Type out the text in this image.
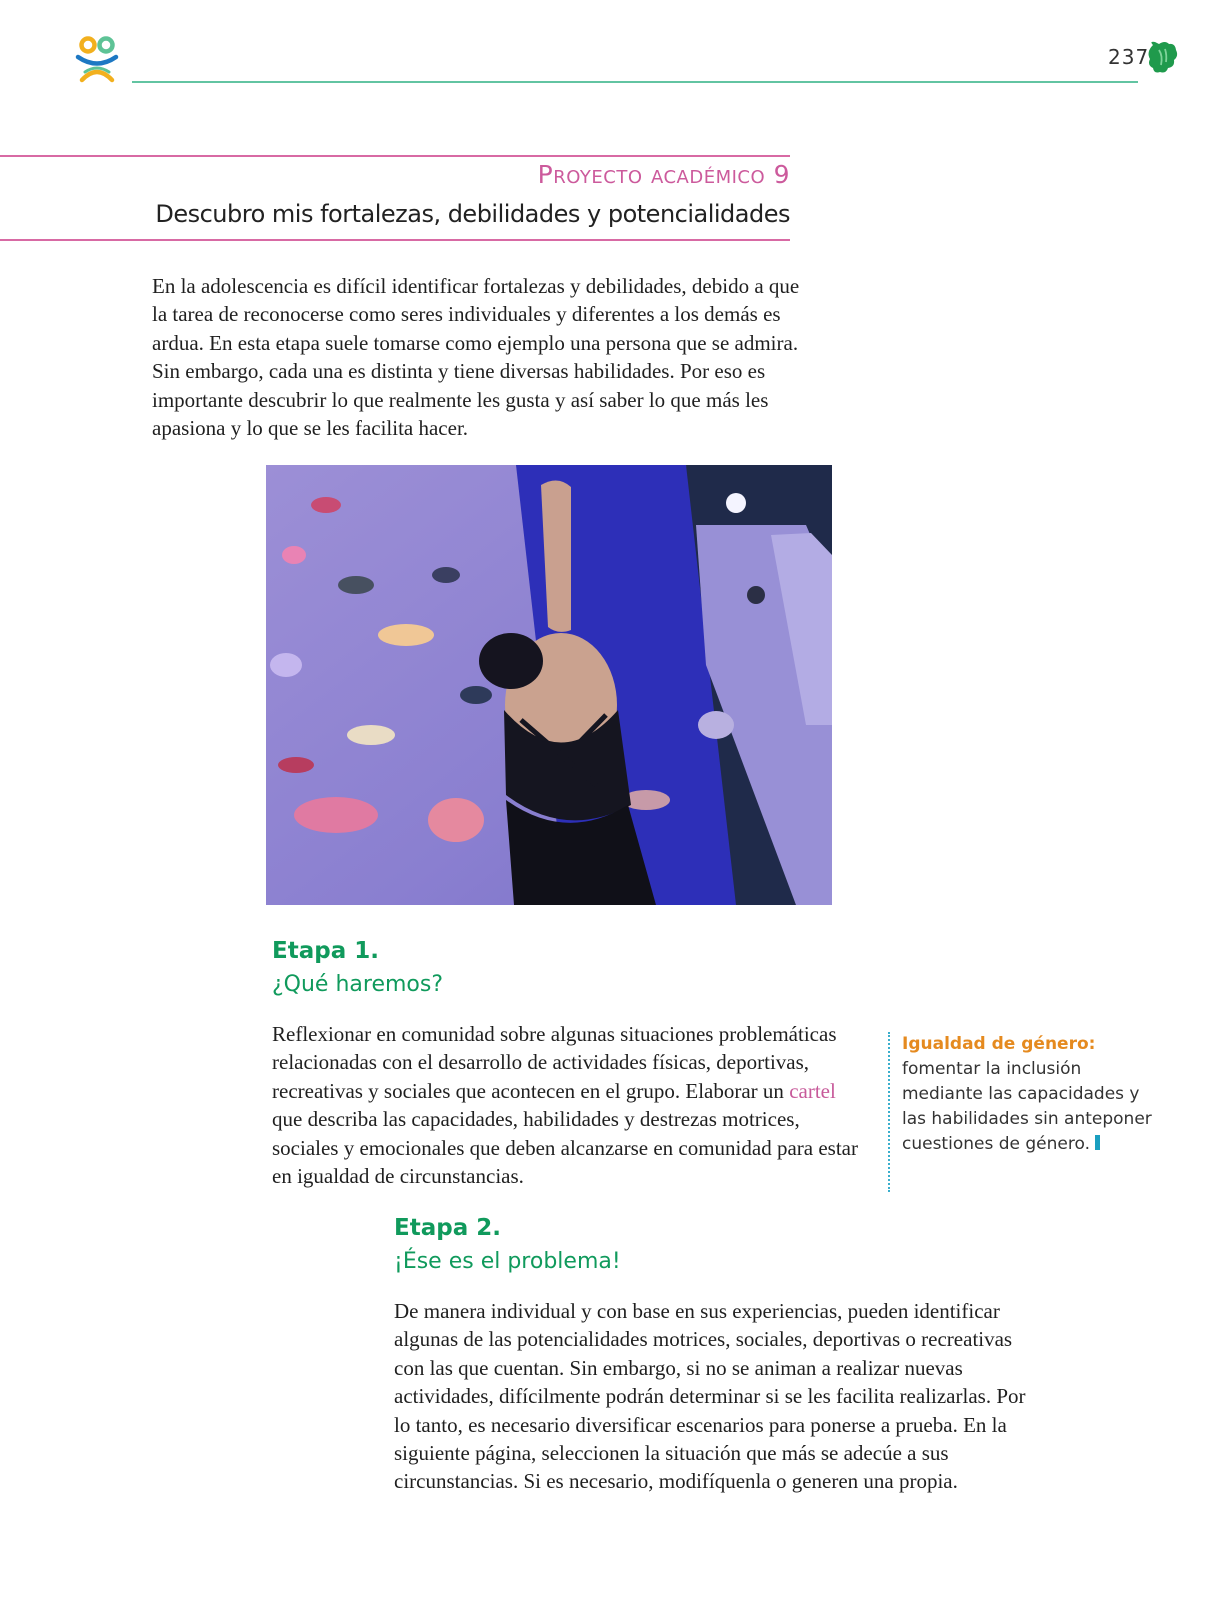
237
Proyecto académico 9
Descubro mis fortalezas, debilidades y potencialidades

En la adolescencia es difícil identificar fortalezas y debilidades, debido a que la tarea de reconocerse como seres individuales y diferentes a los demás es ardua. En esta etapa suele tomarse como ejemplo una persona que se admira. Sin embargo, cada una es distinta y tiene diversas habilidades. Por eso es importante descubrir lo que realmente les gusta y así saber lo que más les apasiona y lo que se les facilita hacer.

Etapa 1.
¿Qué haremos?

Reflexionar en comunidad sobre algunas situaciones problemáticas relacionadas con el desarrollo de actividades físicas, deportivas, recreativas y sociales que acontecen en el grupo. Elaborar un cartel que describa las capacidades, habilidades y destrezas motrices, sociales y emocionales que deben alcanzarse en comunidad para estar en igualdad de circunstancias.

Igualdad de género:
fomentar la inclusión mediante las capacidades y las habilidades sin anteponer cuestiones de género.
Etapa 2.
¡Ése es el problema!

De manera individual y con base en sus experiencias, pueden identificar algunas de las potencialidades motrices, sociales, deportivas o recreativas con las que cuentan. Sin embargo, si no se animan a realizar nuevas actividades, difícilmente podrán determinar si se les facilita realizarlas. Por lo tanto, es necesario diversificar escenarios para ponerse a prueba. En la siguiente página, seleccionen la situación que más se adecúe a sus circunstancias. Si es necesario, modifíquenla o generen una propia.
